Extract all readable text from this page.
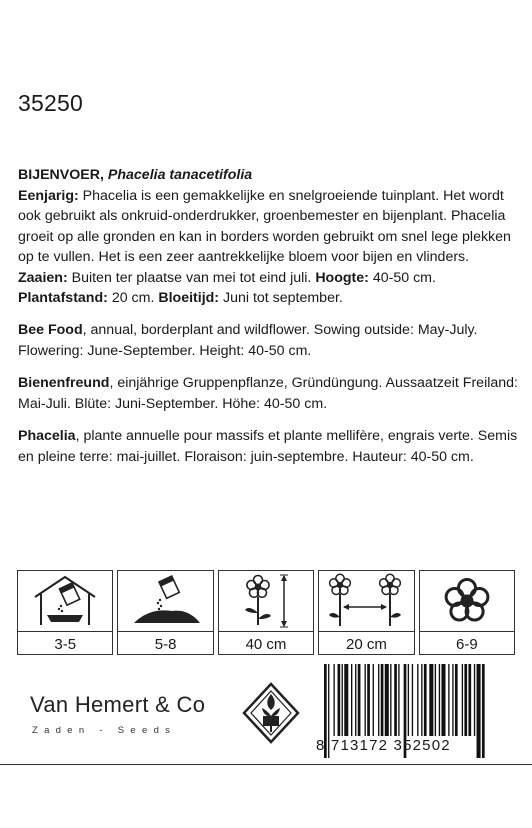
35250
BIJENVOER, Phacelia tanacetifolia
Eenjarig: Phacelia is een gemakkelijke en snelgroeiende tuinplant. Het wordt ook gebruikt als onkruid-onderdrukker, groenbemester en bijenplant. Phacelia groeit op alle gronden en kan in borders worden gebruikt om snel lege plekken op te vullen. Het is een zeer aantrekkelijke bloem voor bijen en vlinders. Zaaien: Buiten ter plaatse van mei tot eind juli. Hoogte: 40-50 cm. Plantafstand: 20 cm. Bloeitijd: Juni tot september.
Bee Food, annual, borderplant and wildflower. Sowing outside: May-July. Flowering: June-September. Height: 40-50 cm.
Bienenfreund, einjährige Gruppenpflanze, Gründüngung. Aussaatzeit Freiland: Mai-Juli. Blüte: Juni-September. Höhe: 40-50 cm.
Phacelia, plante annuelle pour massifs et plante mellifère, engrais verte. Semis en pleine terre: mai-juillet. Floraison: juin-septembre. Hauteur: 40-50 cm.
3-5	5-8	40 cm	20 cm	6-9
Van Hemert & Co
Zaden - Seeds
8 713172 352502
